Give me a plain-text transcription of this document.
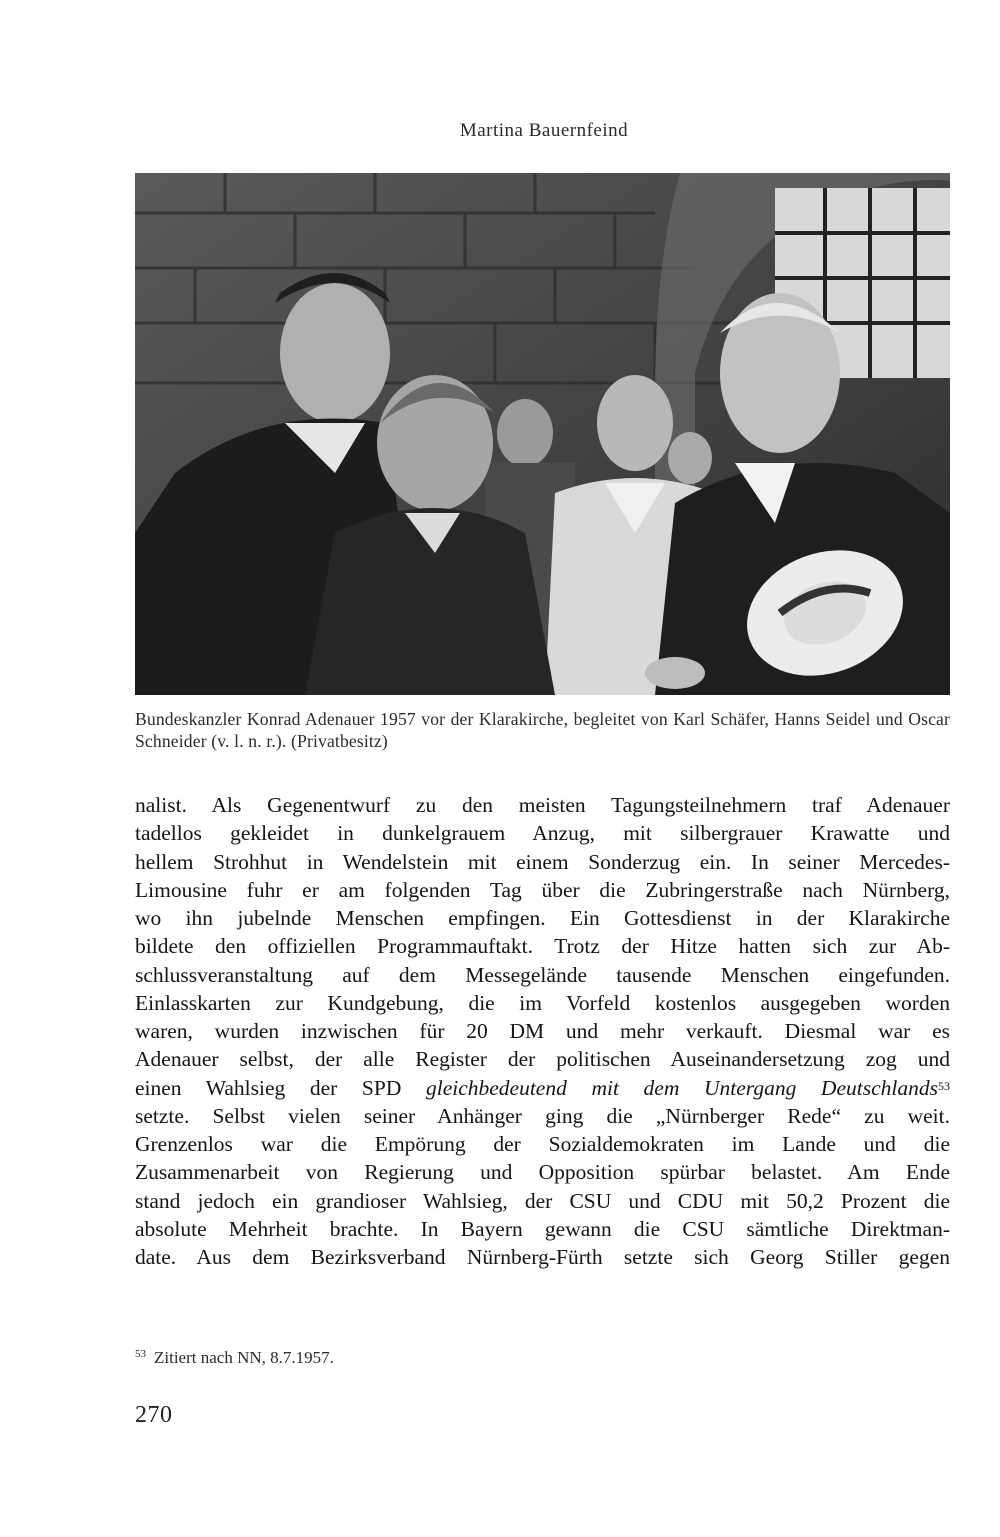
Martina Bauernfeind
Bundeskanzler Konrad Adenauer 1957 vor der Klarakirche, begleitet von Karl Schäfer, Hanns Seidel und Oscar Schneider (v. l. n. r.). (Privatbesitz)
nalist. Als Gegenentwurf zu den meisten Tagungsteilnehmern traf Adenauer
tadellos gekleidet in dunkelgrauem Anzug, mit silbergrauer Krawatte und
hellem Strohhut in Wendelstein mit einem Sonderzug ein. In seiner Mercedes-
Limousine fuhr er am folgenden Tag über die Zubringerstraße nach Nürnberg,
wo ihn jubelnde Menschen empfingen. Ein Gottesdienst in der Klarakirche
bildete den offiziellen Programmauftakt. Trotz der Hitze hatten sich zur Ab-
schlussveranstaltung auf dem Messegelände tausende Menschen eingefunden.
Einlasskarten zur Kundgebung, die im Vorfeld kostenlos ausgegeben worden
waren, wurden inzwischen für 20 DM und mehr verkauft. Diesmal war es
Adenauer selbst, der alle Register der politischen Auseinandersetzung zog und
einen Wahlsieg der SPD gleichbedeutend mit dem Untergang Deutschlands$^{53}$
setzte. Selbst vielen seiner Anhänger ging die „Nürnberger Rede“ zu weit.
Grenzenlos war die Empörung der Sozialdemokraten im Lande und die
Zusammenarbeit von Regierung und Opposition spürbar belastet. Am Ende
stand jedoch ein grandioser Wahlsieg, der CSU und CDU mit 50,2 Prozent die
absolute Mehrheit brachte. In Bayern gewann die CSU sämtliche Direktman-
date. Aus dem Bezirksverband Nürnberg-Fürth setzte sich Georg Stiller gegen
$^{53}$ Zitiert nach NN, 8.7.1957.
270
